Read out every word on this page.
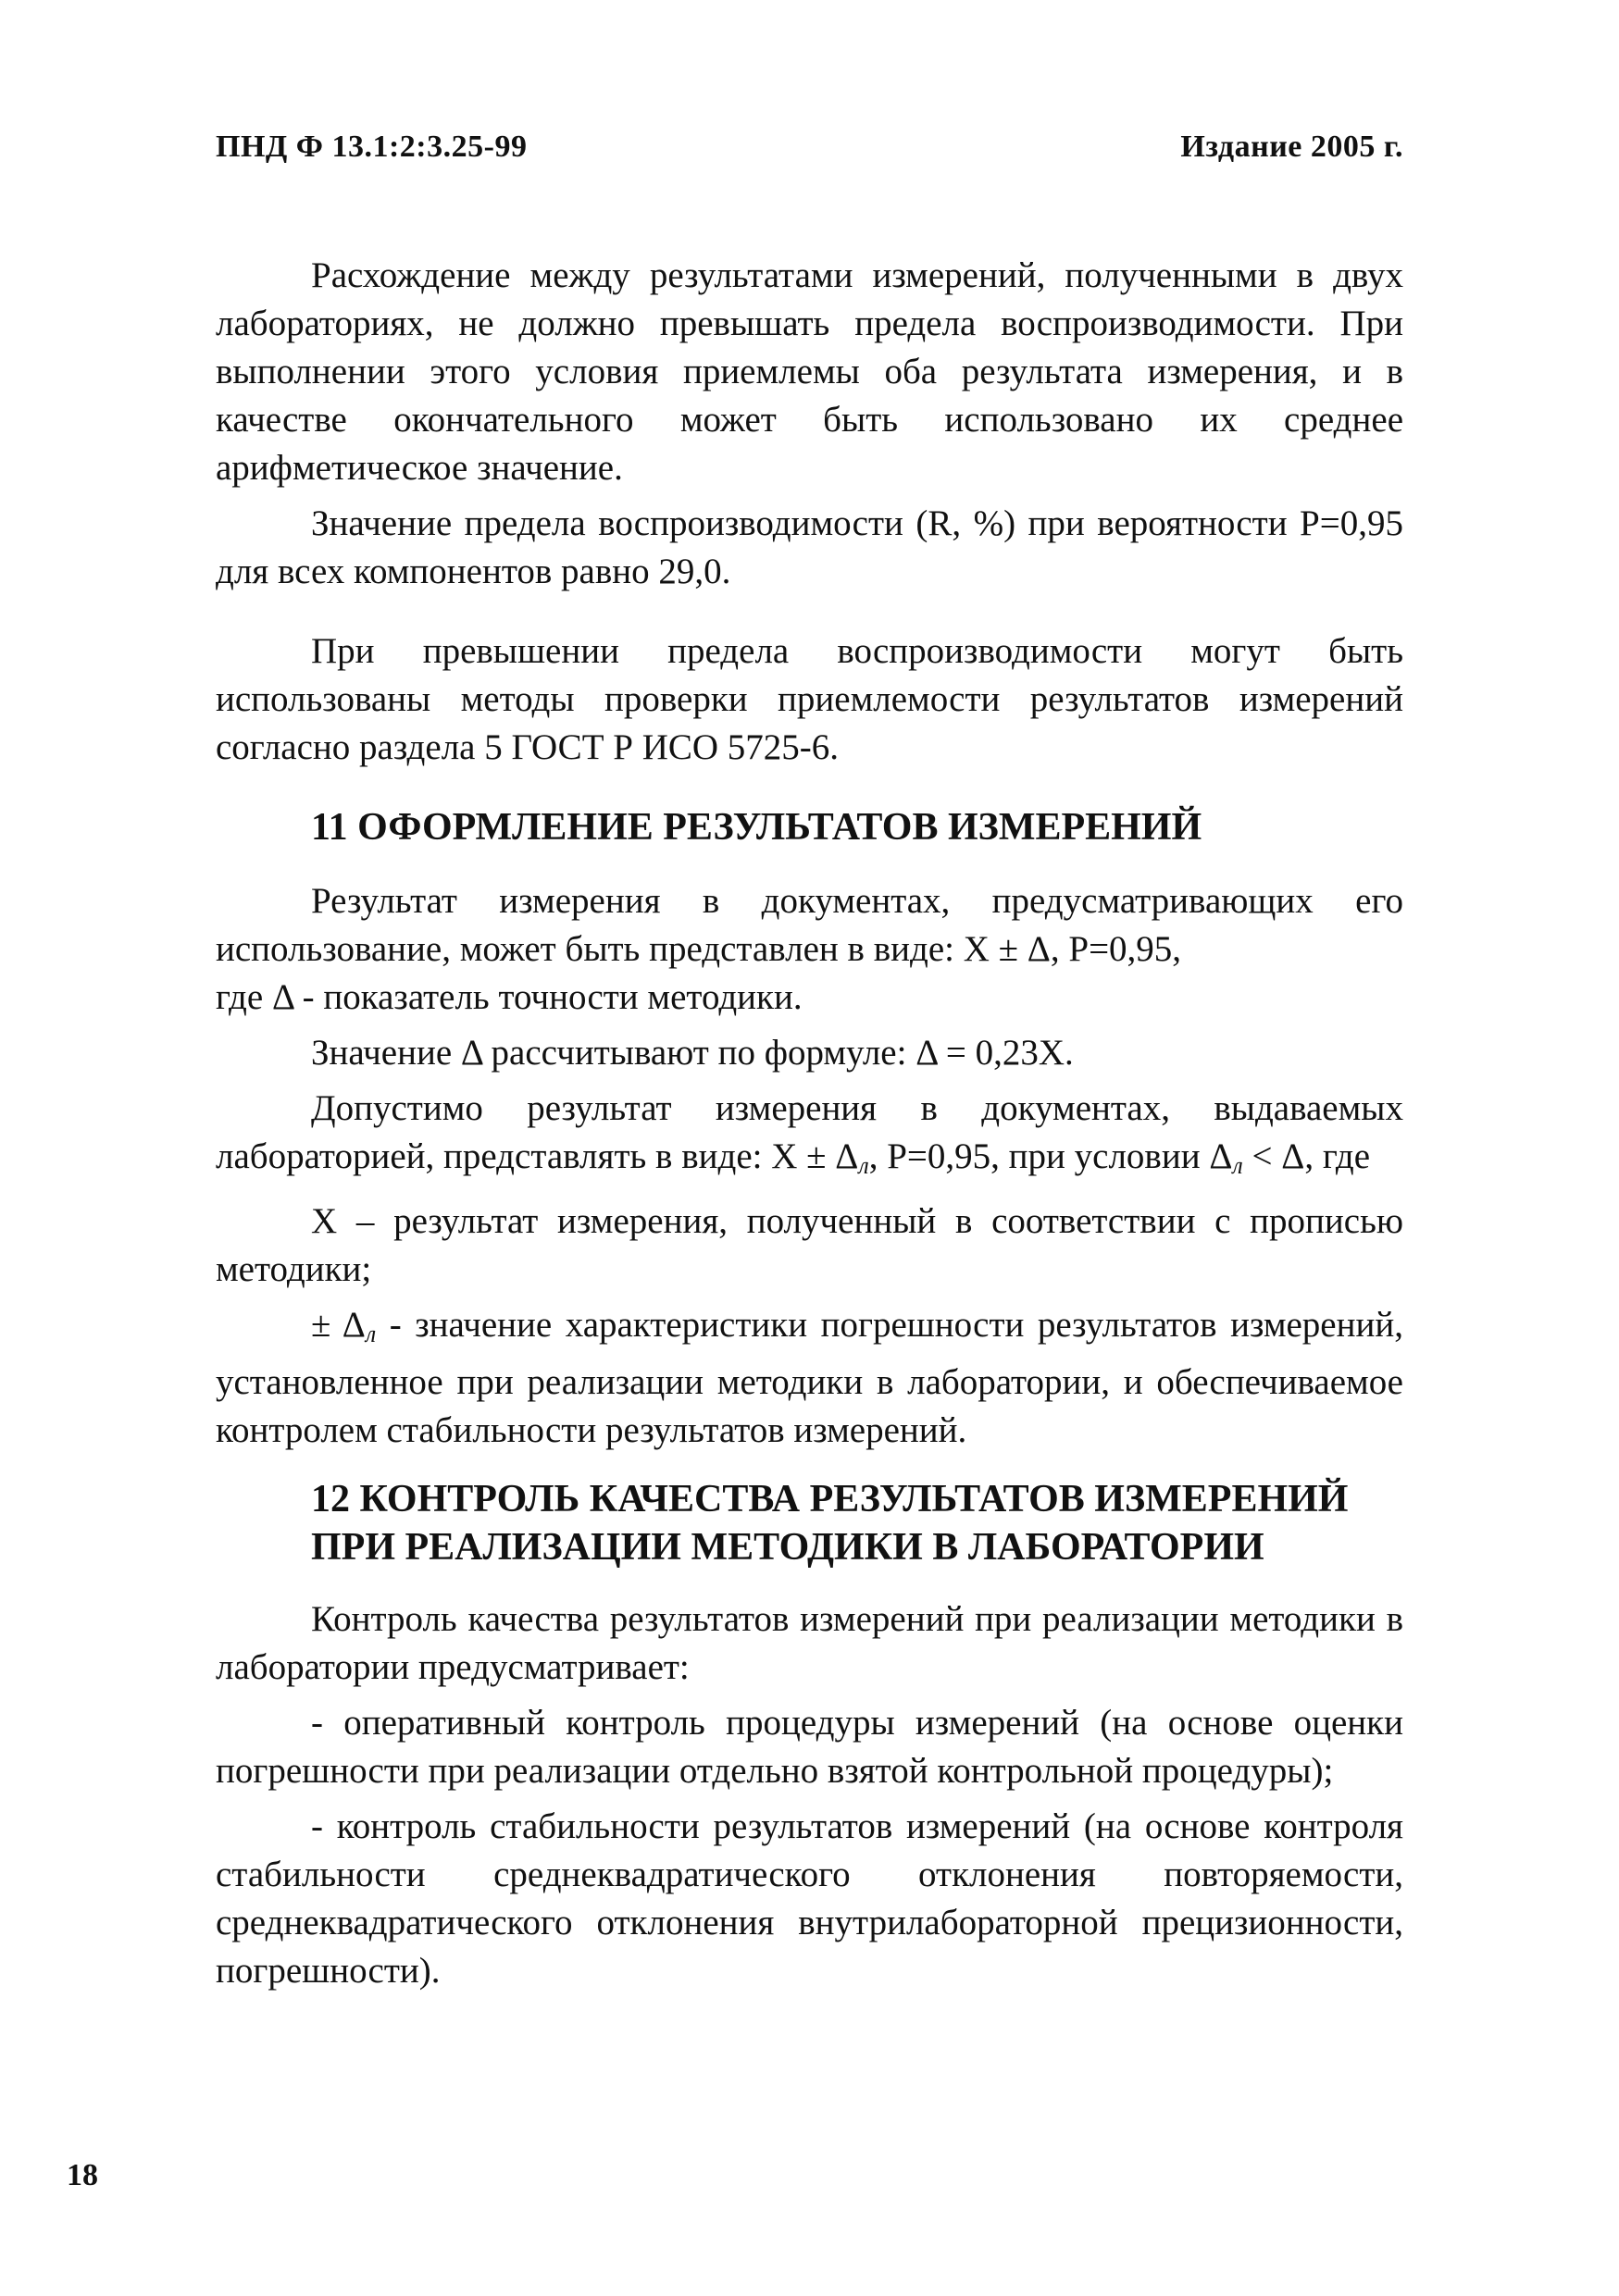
ПНД Ф 13.1:2:3.25-99	Издание 2005 г.

Расхождение между результатами измерений, полученными в двух лабораториях, не должно превышать предела воспроизводимости. При выполнении этого условия приемлемы оба результата измерения, и в качестве окончательного может быть использовано их среднее арифметическое значение.

Значение предела воспроизводимости (R, %) при вероятности Р=0,95 для всех компонентов равно 29,0.

При превышении предела воспроизводимости могут быть использованы методы проверки приемлемости результатов измерений согласно раздела 5 ГОСТ Р ИСО 5725-6.

11 ОФОРМЛЕНИЕ РЕЗУЛЬТАТОВ ИЗМЕРЕНИЙ

Результат измерения в документах, предусматривающих его использование, может быть представлен в виде: Х ± Δ, Р=0,95,

где Δ - показатель точности методики.

Значение Δ рассчитывают по формуле: Δ = 0,23Х.

Допустимо результат измерения в документах, выдаваемых лабораторией, представлять в виде: $Х \pm \Delta_л$, Р=0,95, при условии $\Delta_л < \Delta$, где

Х – результат измерения, полученный в соответствии с прописью методики;

± $\Delta_л$ - значение характеристики погрешности результатов измерений, установленное при реализации методики в лаборатории, и обеспечиваемое контролем стабильности результатов измерений.

12 КОНТРОЛЬ КАЧЕСТВА РЕЗУЛЬТАТОВ ИЗМЕРЕНИЙ
ПРИ РЕАЛИЗАЦИИ МЕТОДИКИ В ЛАБОРАТОРИИ

Контроль качества результатов измерений при реализации методики в лаборатории предусматривает:

- оперативный контроль процедуры измерений (на основе оценки погрешности при реализации отдельно взятой контрольной процедуры);

- контроль стабильности результатов измерений (на основе контроля стабильности среднеквадратического отклонения повторяемости, среднеквадратического отклонения внутрилабораторной прецизионности, погрешности).

18
